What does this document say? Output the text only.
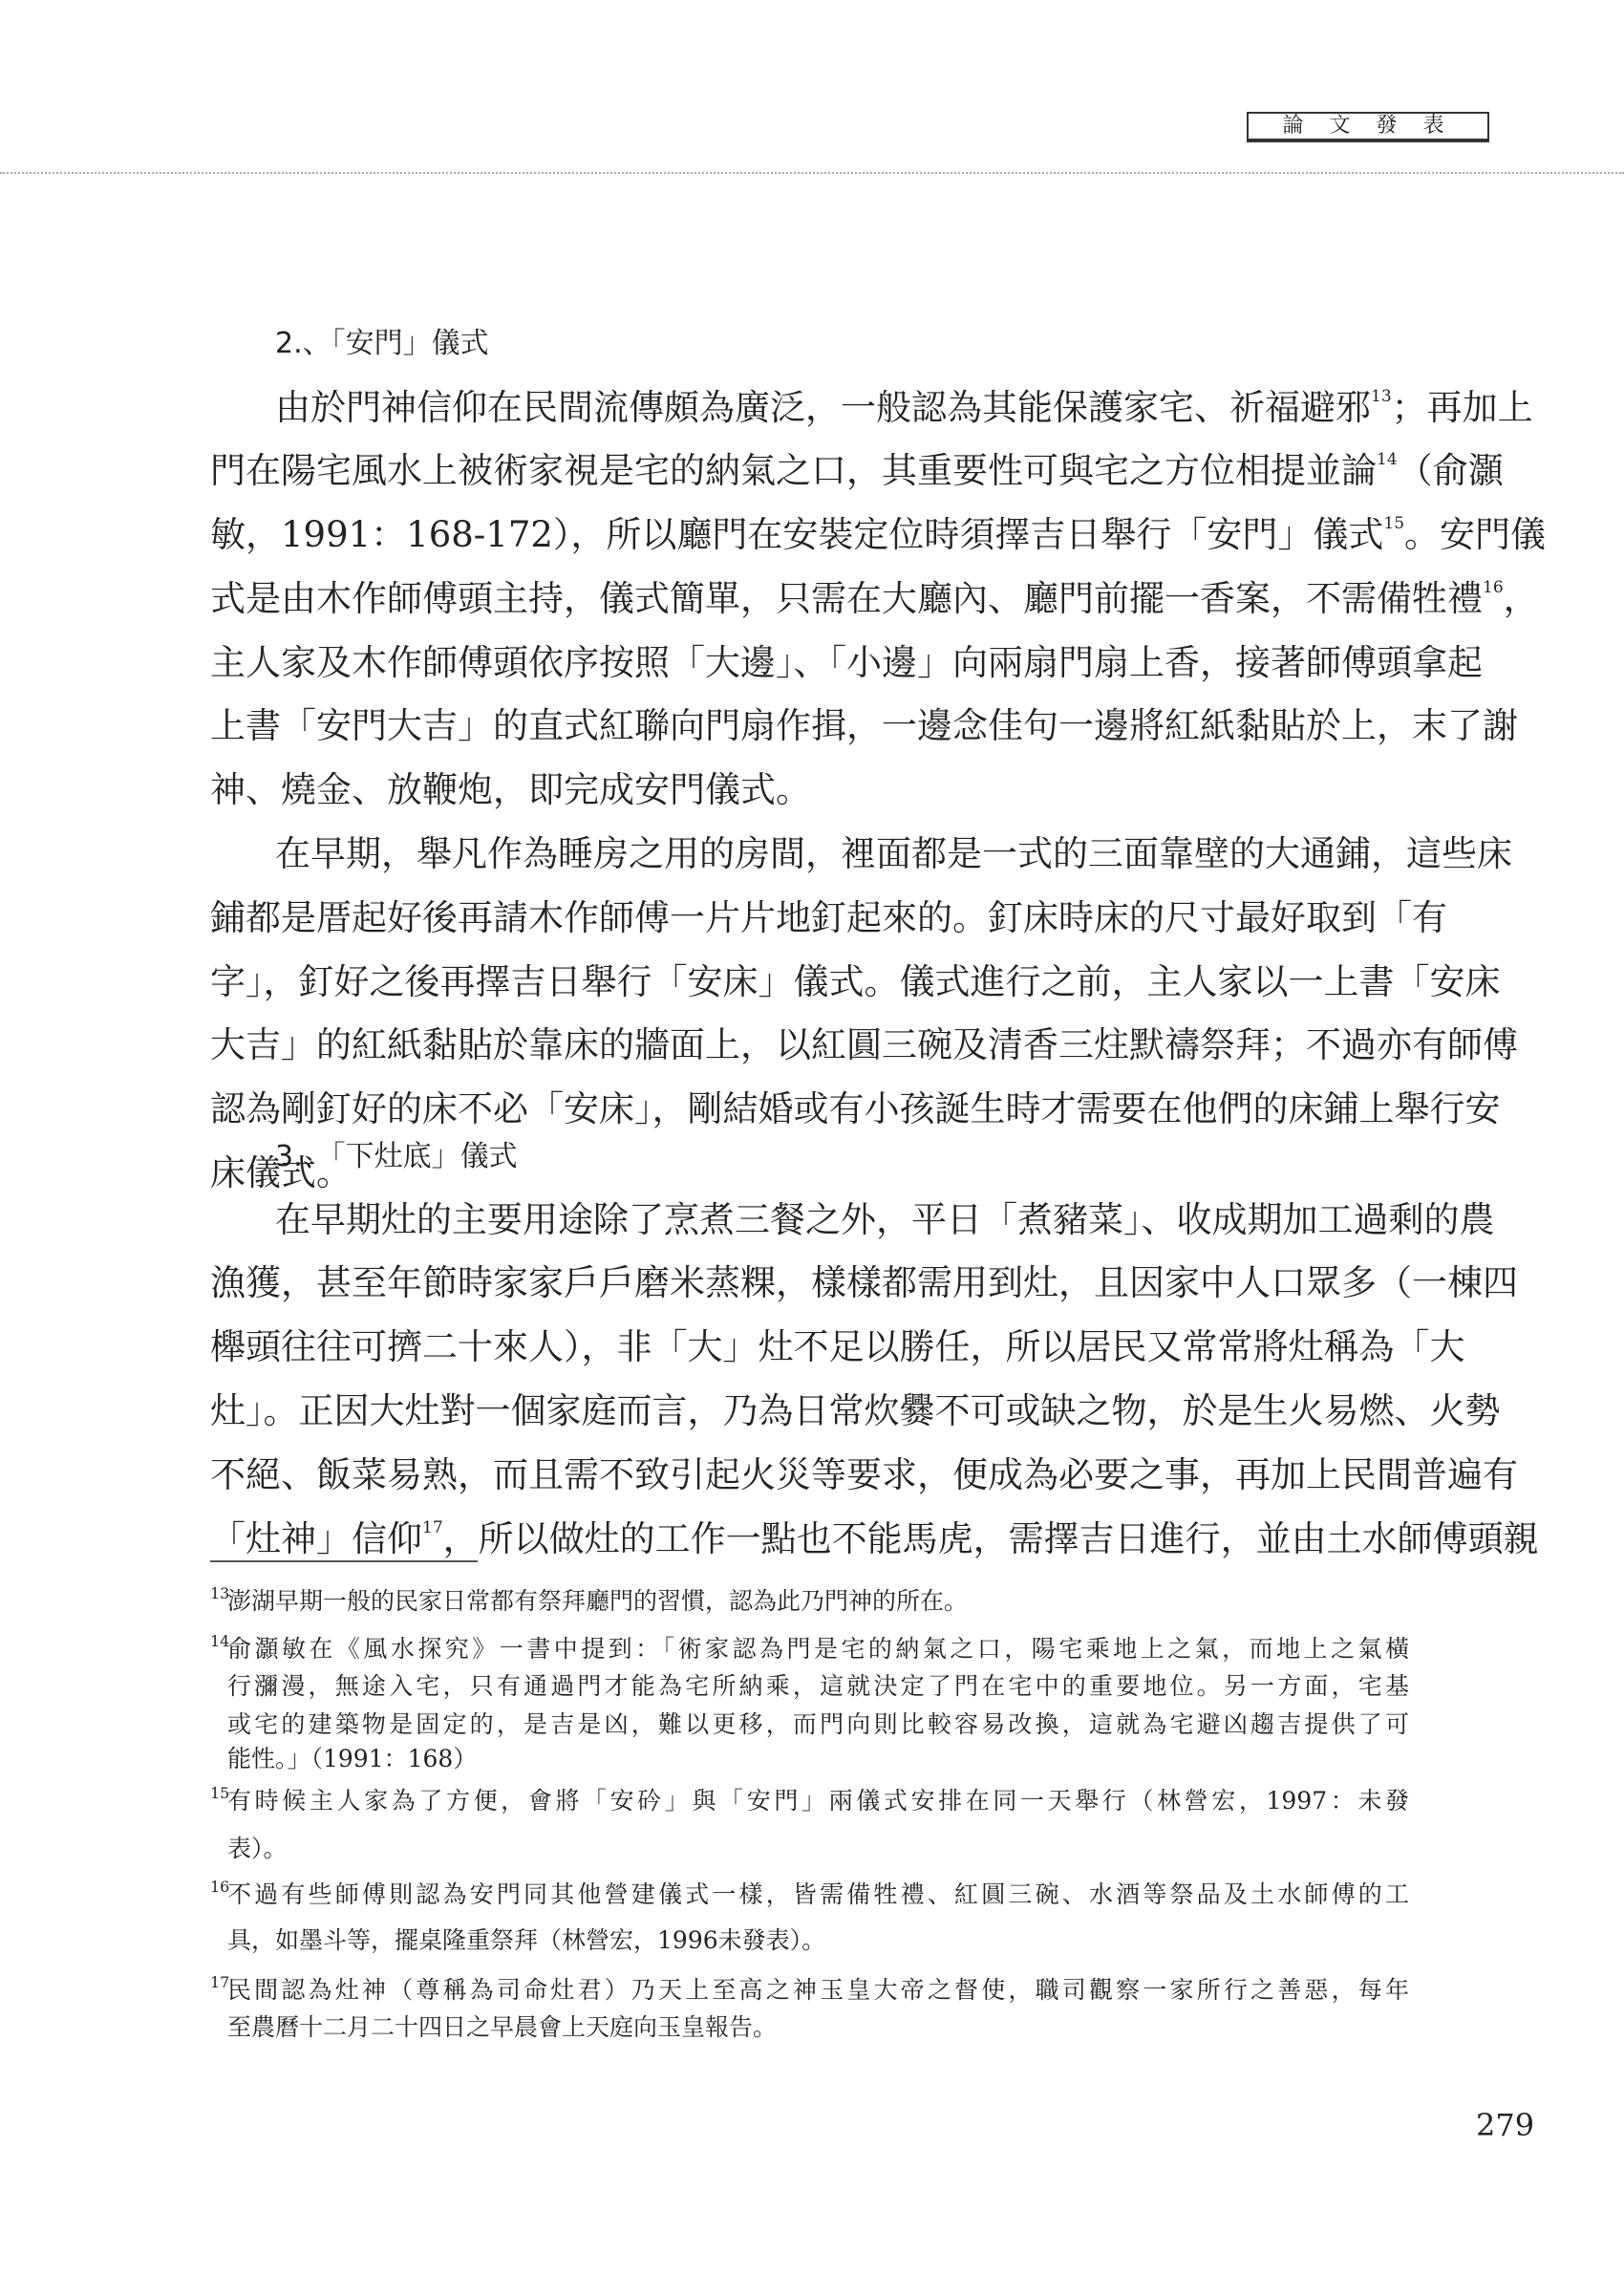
論 文 發 表
2.、「安門」儀式
由於門神信仰在民間流傳頗為廣泛，一般認為其能保護家宅、祈福避邪$^{13}$；再加上
門在陽宅風水上被術家視是宅的納氣之口，其重要性可與宅之方位相提並論$^{14}$（俞灝
敏，1991：168-172），所以廳門在安裝定位時須擇吉日舉行「安門」儀式$^{15}$。安門儀
式是由木作師傅頭主持，儀式簡單，只需在大廳內、廳門前擺一香案，不需備牲禮$^{16}$，
主人家及木作師傅頭依序按照「大邊」、「小邊」向兩扇門扇上香，接著師傅頭拿起
上書「安門大吉」的直式紅聯向門扇作揖，一邊念佳句一邊將紅紙黏貼於上，末了謝
神、燒金、放鞭炮，即完成安門儀式。
在早期，舉凡作為睡房之用的房間，裡面都是一式的三面靠壁的大通鋪，這些床
鋪都是厝起好後再請木作師傅一片片地釘起來的。釘床時床的尺寸最好取到「有
字」，釘好之後再擇吉日舉行「安床」儀式。儀式進行之前，主人家以一上書「安床
大吉」的紅紙黏貼於靠床的牆面上，以紅圓三碗及清香三炷默禱祭拜；不過亦有師傅
認為剛釘好的床不必「安床」，剛結婚或有小孩誕生時才需要在他們的床鋪上舉行安
床儀式。
3.、「下灶底」儀式
在早期灶的主要用途除了烹煮三餐之外，平日「煮豬菜」、收成期加工過剩的農
漁獲，甚至年節時家家戶戶磨米蒸粿，樣樣都需用到灶，且因家中人口眾多（一棟四
櫸頭往往可擠二十來人），非「大」灶不足以勝任，所以居民又常常將灶稱為「大
灶」。正因大灶對一個家庭而言，乃為日常炊爨不可或缺之物，於是生火易燃、火勢
不絕、飯菜易熟，而且需不致引起火災等要求，便成為必要之事，再加上民間普遍有
「灶神」信仰$^{17}$，所以做灶的工作一點也不能馬虎，需擇吉日進行，並由土水師傅頭親
13
澎湖早期一般的民家日常都有祭拜廳門的習慣，認為此乃門神的所在。
14
俞灝敏在《風水探究》一書中提到：「術家認為門是宅的納氣之口，陽宅乘地上之氣，而地上之氣橫
行瀰漫，無途入宅，只有通過門才能為宅所納乘，這就決定了門在宅中的重要地位。另一方面，宅基
或宅的建築物是固定的，是吉是凶，難以更移，而門向則比較容易改換，這就為宅避凶趨吉提供了可
能性。」（1991：168）
15
有時候主人家為了方便，會將「安砛」與「安門」兩儀式安排在同一天舉行（林營宏，1997：未發
表）。
16
不過有些師傅則認為安門同其他營建儀式一樣，皆需備牲禮、紅圓三碗、水酒等祭品及土水師傅的工
具，如墨斗等，擺桌隆重祭拜（林營宏，1996未發表）。
17
民間認為灶神（尊稱為司命灶君）乃天上至高之神玉皇大帝之督使，職司觀察一家所行之善惡，每年
至農曆十二月二十四日之早晨會上天庭向玉皇報告。
279
